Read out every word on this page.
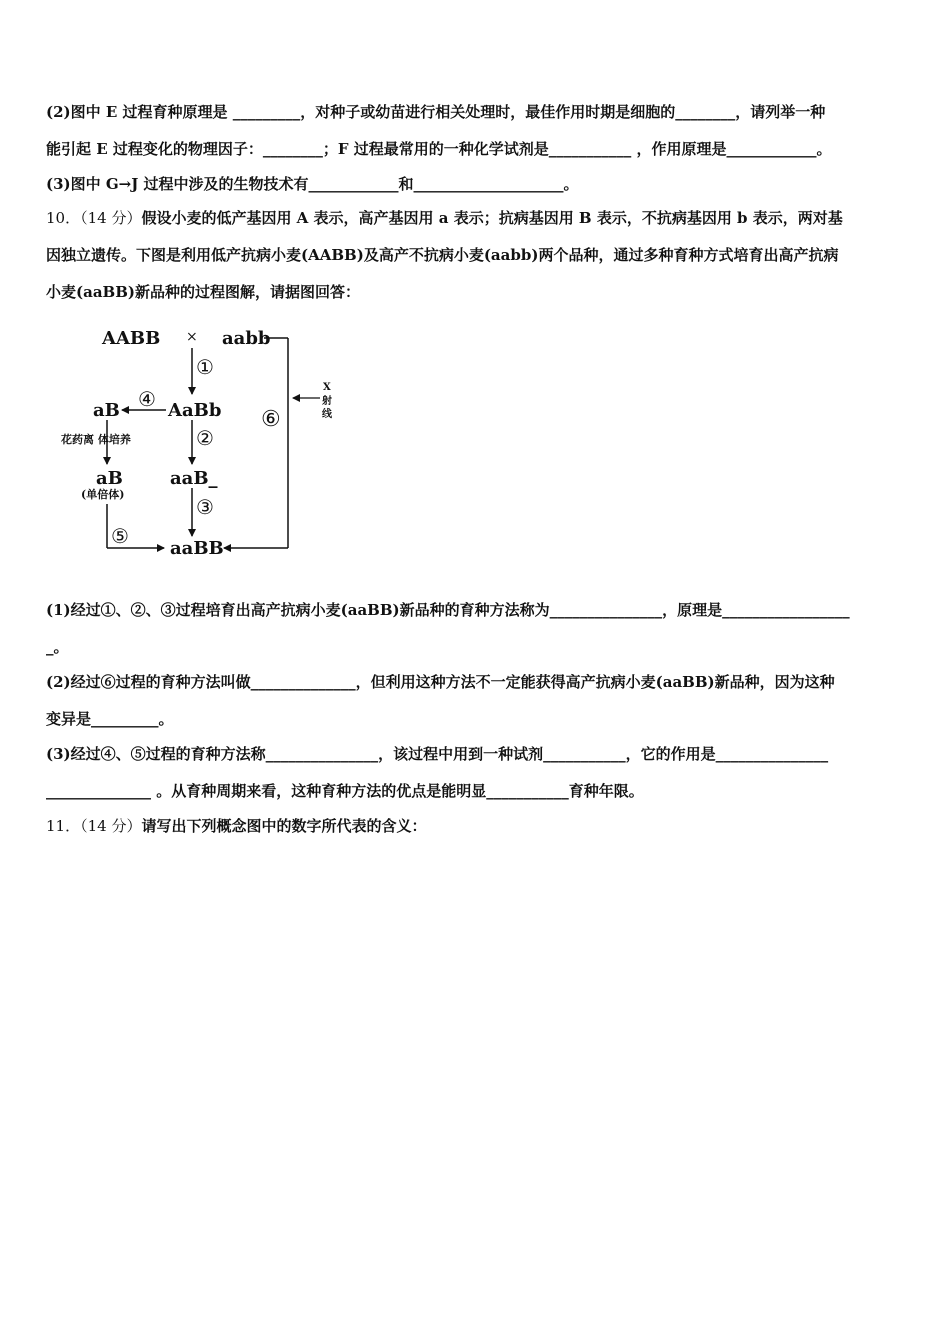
(2)图中 E 过程育种原理是 _________，对种子或幼苗进行相关处理时，最佳作用时期是细胞的________，请列举一种
能引起 E 过程变化的物理因子：________；F 过程最常用的一种化学试剂是___________ ，作用原理是____________。
(3)图中 G→J 过程中涉及的生物技术有____________和____________________。
10．（14 分）假设小麦的低产基因用 A 表示，高产基因用 a 表示；抗病基因用 B 表示，不抗病基因用 b 表示，两对基
因独立遗传。下图是利用低产抗病小麦(AABB)及高产不抗病小麦(aabb)两个品种，通过多种育种方式培育出高产抗病
小麦(aaBB)新品种的过程图解，请据图回答：
AABB × aabb
X
射
线
⑥
①
AaBb
④
aB
花药离 体培养
aB
(单倍体)
②
aaB_
③
⑤
aaBB
(1)经过①、②、③过程培育出高产抗病小麦(aaBB)新品种的育种方法称为_______________，原理是_________________
_。
(2)经过⑥过程的育种方法叫做______________，但利用这种方法不一定能获得高产抗病小麦(aaBB)新品种，因为这种
变异是_________。
(3)经过④、⑤过程的育种方法称_______________，该过程中用到一种试剂___________，它的作用是_______________
______________ 。从育种周期来看，这种育种方法的优点是能明显___________育种年限。
11．（14 分）请写出下列概念图中的数字所代表的含义：
